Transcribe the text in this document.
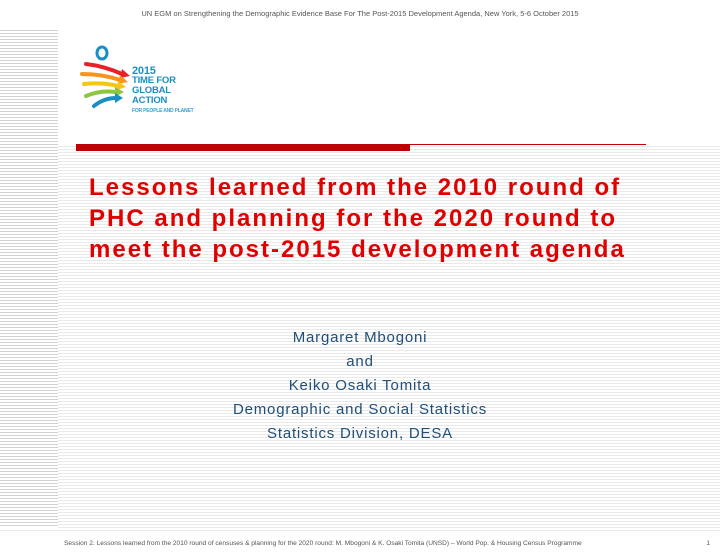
UN EGM on Strengthening the Demographic Evidence Base For The Post-2015 Development Agenda, New York, 5-6 October 2015
2015
TIME FOR
GLOBAL ACTION
FOR PEOPLE AND PLANET
Lessons learned from the 2010 round of PHC and planning for the 2020 round to meet the post-2015 development agenda
Margaret Mbogoni
and
Keiko Osaki Tomita
Demographic and Social Statistics
Statistics Division, DESA
Session 2. Lessons learned from the 2010 round of censuses & planning for the 2020 round: M. Mbogoni & K. Osaki Tomita (UNSD) – World Pop. & Housing Census Programme	1
